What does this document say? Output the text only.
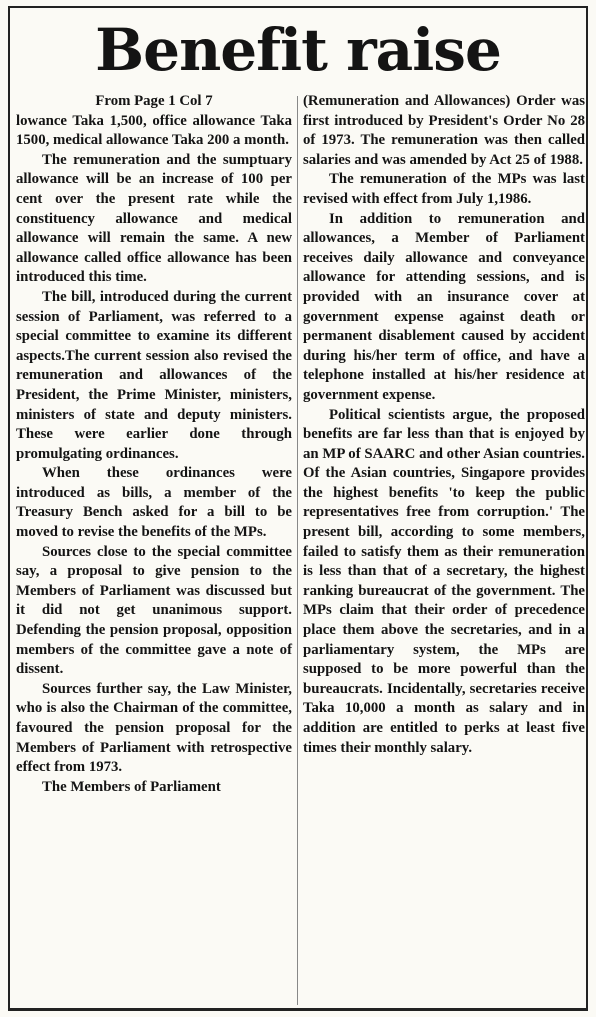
Benefit raise

From Page 1 Col 7

lowance Taka 1,500, office allowance Taka 1500, medical allowance Taka 200 a month.

The remuneration and the sumptuary allowance will be an increase of 100 per cent over the present rate while the constituency allowance and medical allowance will remain the same. A new allowance called office allowance has been introduced this time.

The bill, introduced during the current session of Parliament, was referred to a special committee to examine its different aspects.The current session also revised the remuneration and allowances of the President, the Prime Minister, ministers, ministers of state and deputy ministers. These were earlier done through promulgating ordinances.

When these ordinances were introduced as bills, a member of the Treasury Bench asked for a bill to be moved to revise the benefits of the MPs.

Sources close to the special committee say, a proposal to give pension to the Members of Parliament was discussed but it did not get unanimous support. Defending the pension proposal, opposition members of the committee gave a note of dissent.

Sources further say, the Law Minister, who is also the Chairman of the committee, favoured the pension proposal for the Members of Parliament with retrospective effect from 1973.

The Members of Parliament

(Remuneration and Allowances) Order was first introduced by President's Order No 28 of 1973. The remuneration was then called salaries and was amended by Act 25 of 1988.

The remuneration of the MPs was last revised with effect from July 1,1986.

In addition to remuneration and allowances, a Member of Parliament receives daily allowance and conveyance allowance for attending sessions, and is provided with an insurance cover at government expense against death or permanent disablement caused by accident during his/her term of office, and have a telephone installed at his/her residence at government expense.

Political scientists argue, the proposed benefits are far less than that is enjoyed by an MP of SAARC and other Asian countries. Of the Asian countries, Singapore provides the highest benefits 'to keep the public representatives free from corruption.' The present bill, according to some members, failed to satisfy them as their remuneration is less than that of a secretary, the highest ranking bureaucrat of the government. The MPs claim that their order of precedence place them above the secretaries, and in a parliamentary system, the MPs are supposed to be more powerful than the bureaucrats. Incidentally, secretaries receive Taka 10,000 a month as salary and in addition are entitled to perks at least five times their monthly salary.
